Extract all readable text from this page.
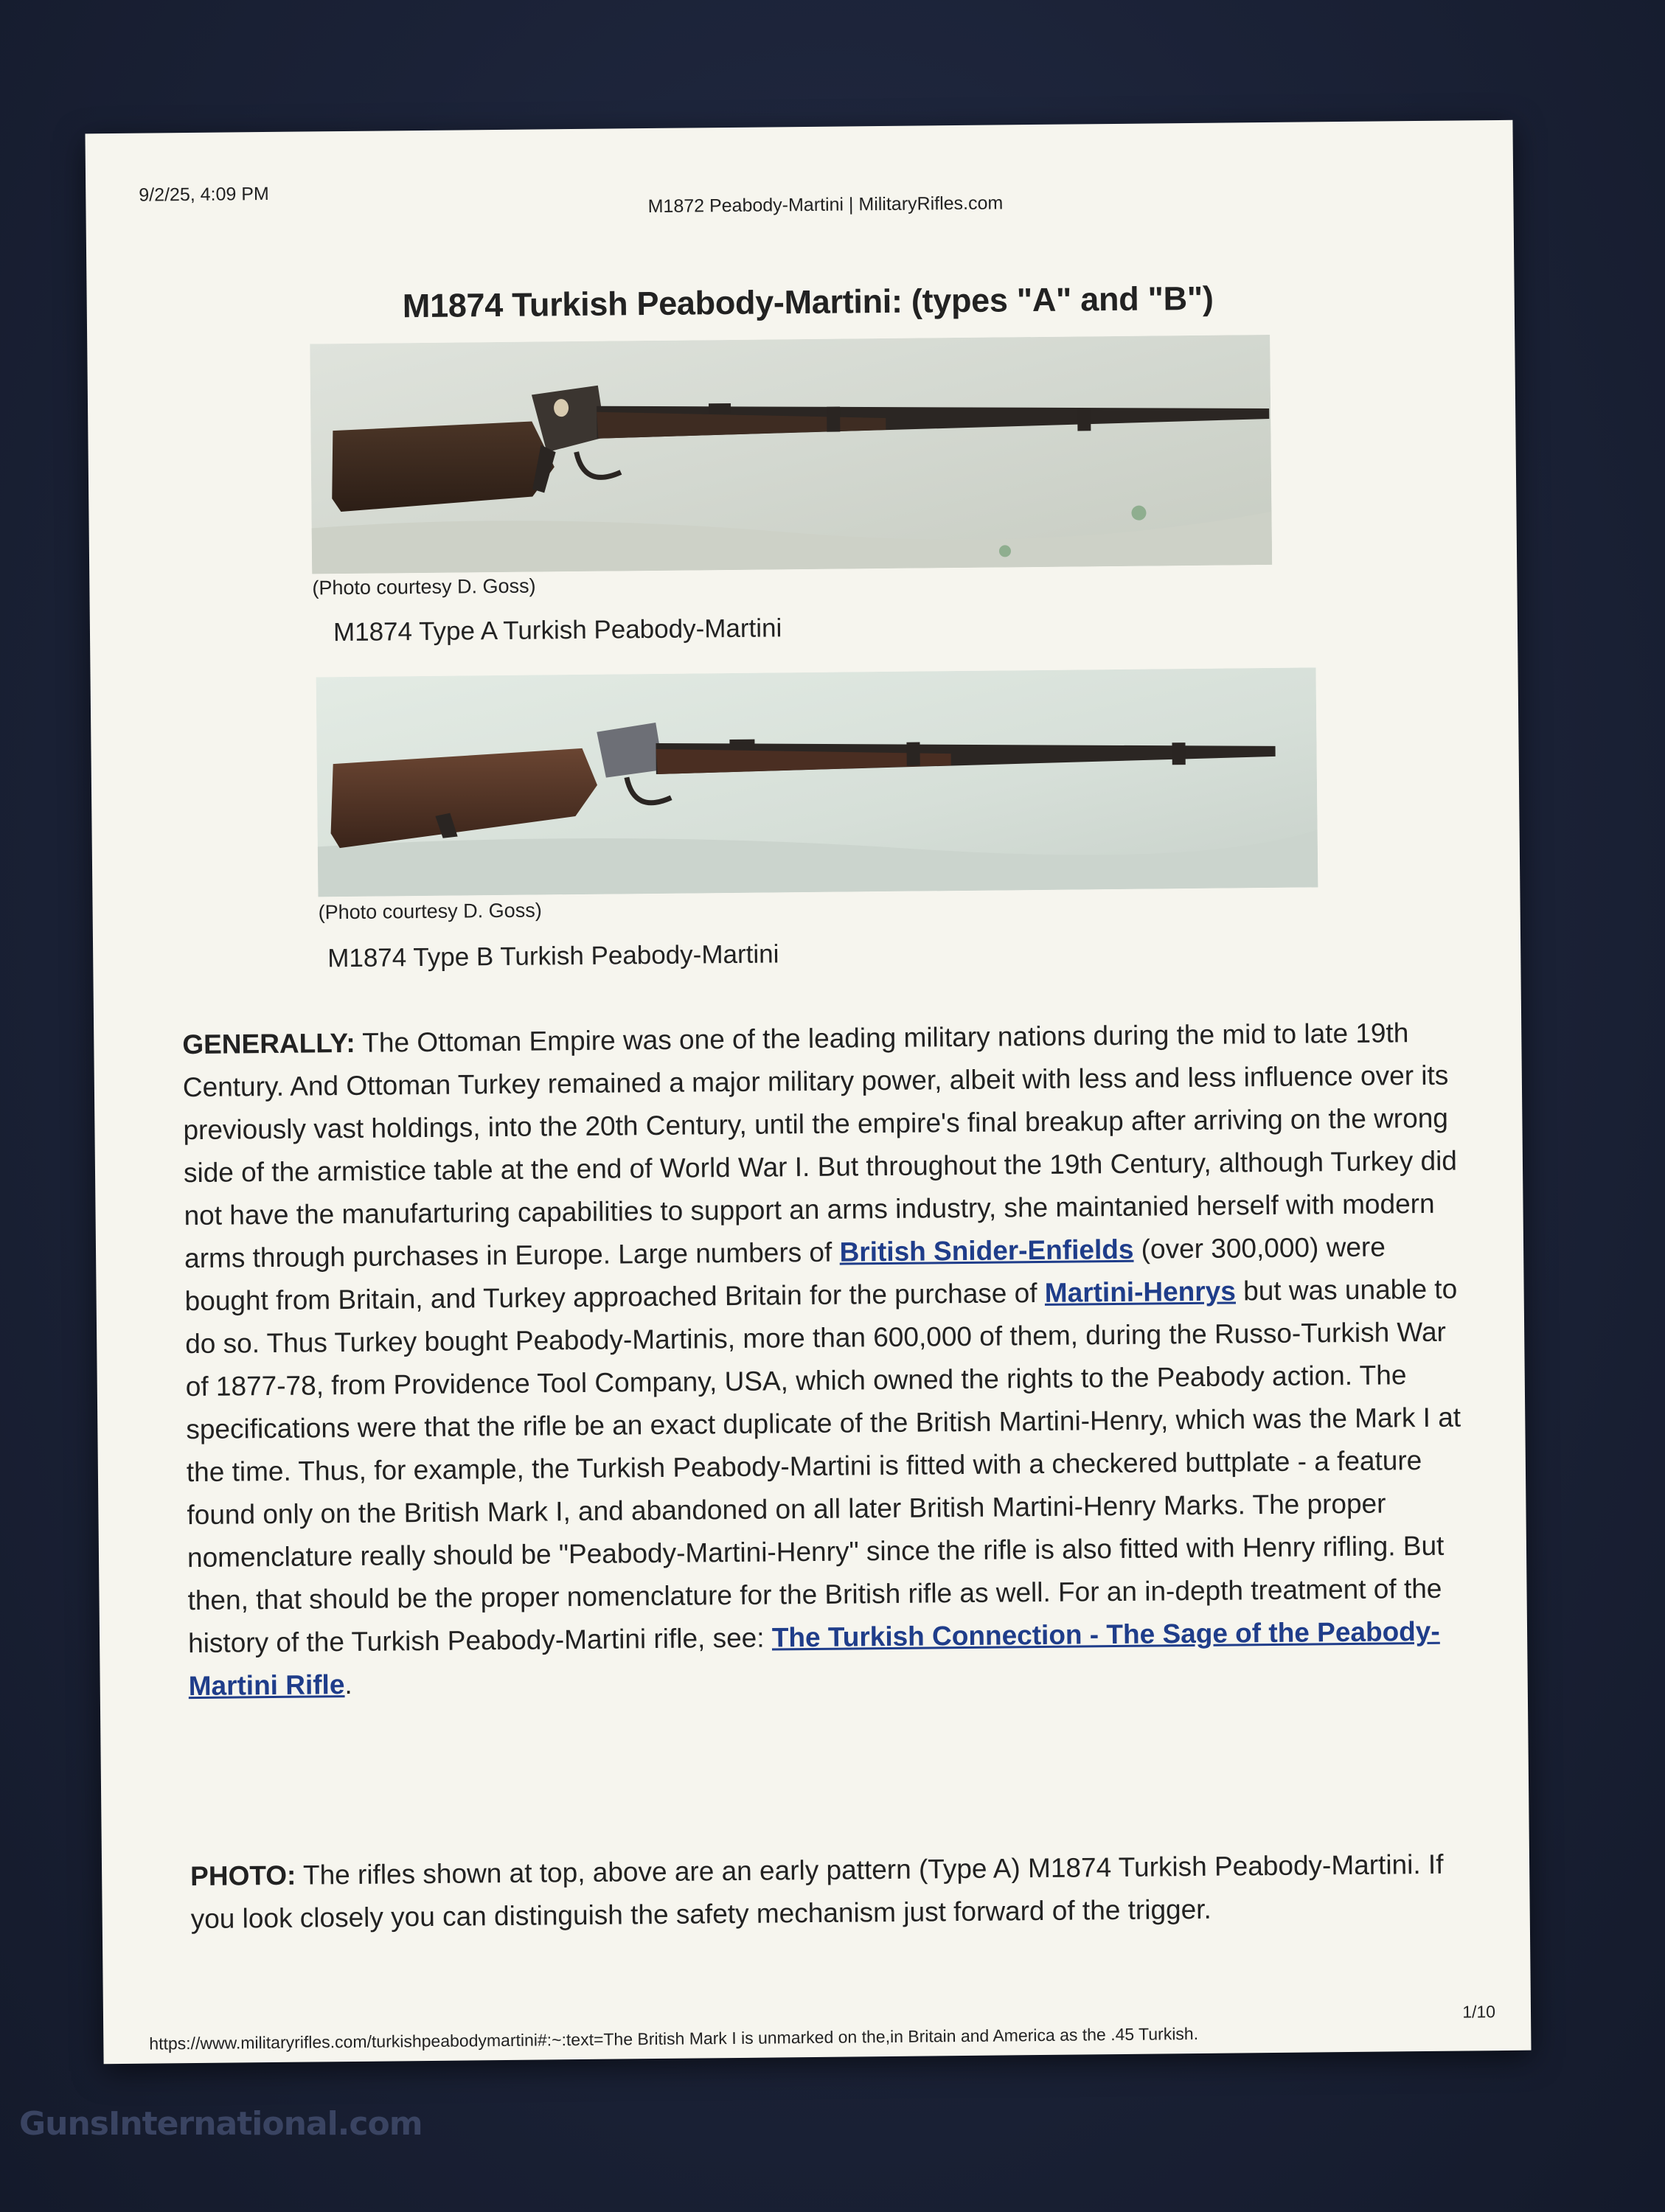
9/2/25, 4:09 PM	M1872 Peabody-Martini | MilitaryRifles.com
M1874 Turkish Peabody-Martini: (types "A" and "B")
(Photo courtesy D. Goss)
M1874 Type A Turkish Peabody-Martini
(Photo courtesy D. Goss)
M1874 Type B Turkish Peabody-Martini
GENERALLY: The Ottoman Empire was one of the leading military nations during the mid to late 19th Century. And Ottoman Turkey remained a major military power, albeit with less and less influence over its previously vast holdings, into the 20th Century, until the empire's final breakup after arriving on the wrong side of the armistice table at the end of World War I. But throughout the 19th Century, although Turkey did not have the manufarturing capabilities to support an arms industry, she maintanied herself with modern arms through purchases in Europe. Large numbers of British Snider-Enfields (over 300,000) were bought from Britain, and Turkey approached Britain for the purchase of Martini-Henrys but was unable to do so. Thus Turkey bought Peabody-Martinis, more than 600,000 of them, during the Russo-Turkish War of 1877-78, from Providence Tool Company, USA, which owned the rights to the Peabody action. The specifications were that the rifle be an exact duplicate of the British Martini-Henry, which was the Mark I at the time. Thus, for example, the Turkish Peabody-Martini is fitted with a checkered buttplate - a feature found only on the British Mark I, and abandoned on all later British Martini-Henry Marks. The proper nomenclature really should be "Peabody-Martini-Henry" since the rifle is also fitted with Henry rifling. But then, that should be the proper nomenclature for the British rifle as well. For an in-depth treatment of the history of the Turkish Peabody-Martini rifle, see: The Turkish Connection - The Sage of the Peabody-Martini Rifle.
PHOTO: The rifles shown at top, above are an early pattern (Type A) M1874 Turkish Peabody-Martini. If you look closely you can distinguish the safety mechanism just forward of the trigger.
1/10
https://www.militaryrifles.com/turkishpeabodymartini#:~:text=The British Mark I is unmarked on the,in Britain and America as the .45 Turkish.
GunsInternational.com
